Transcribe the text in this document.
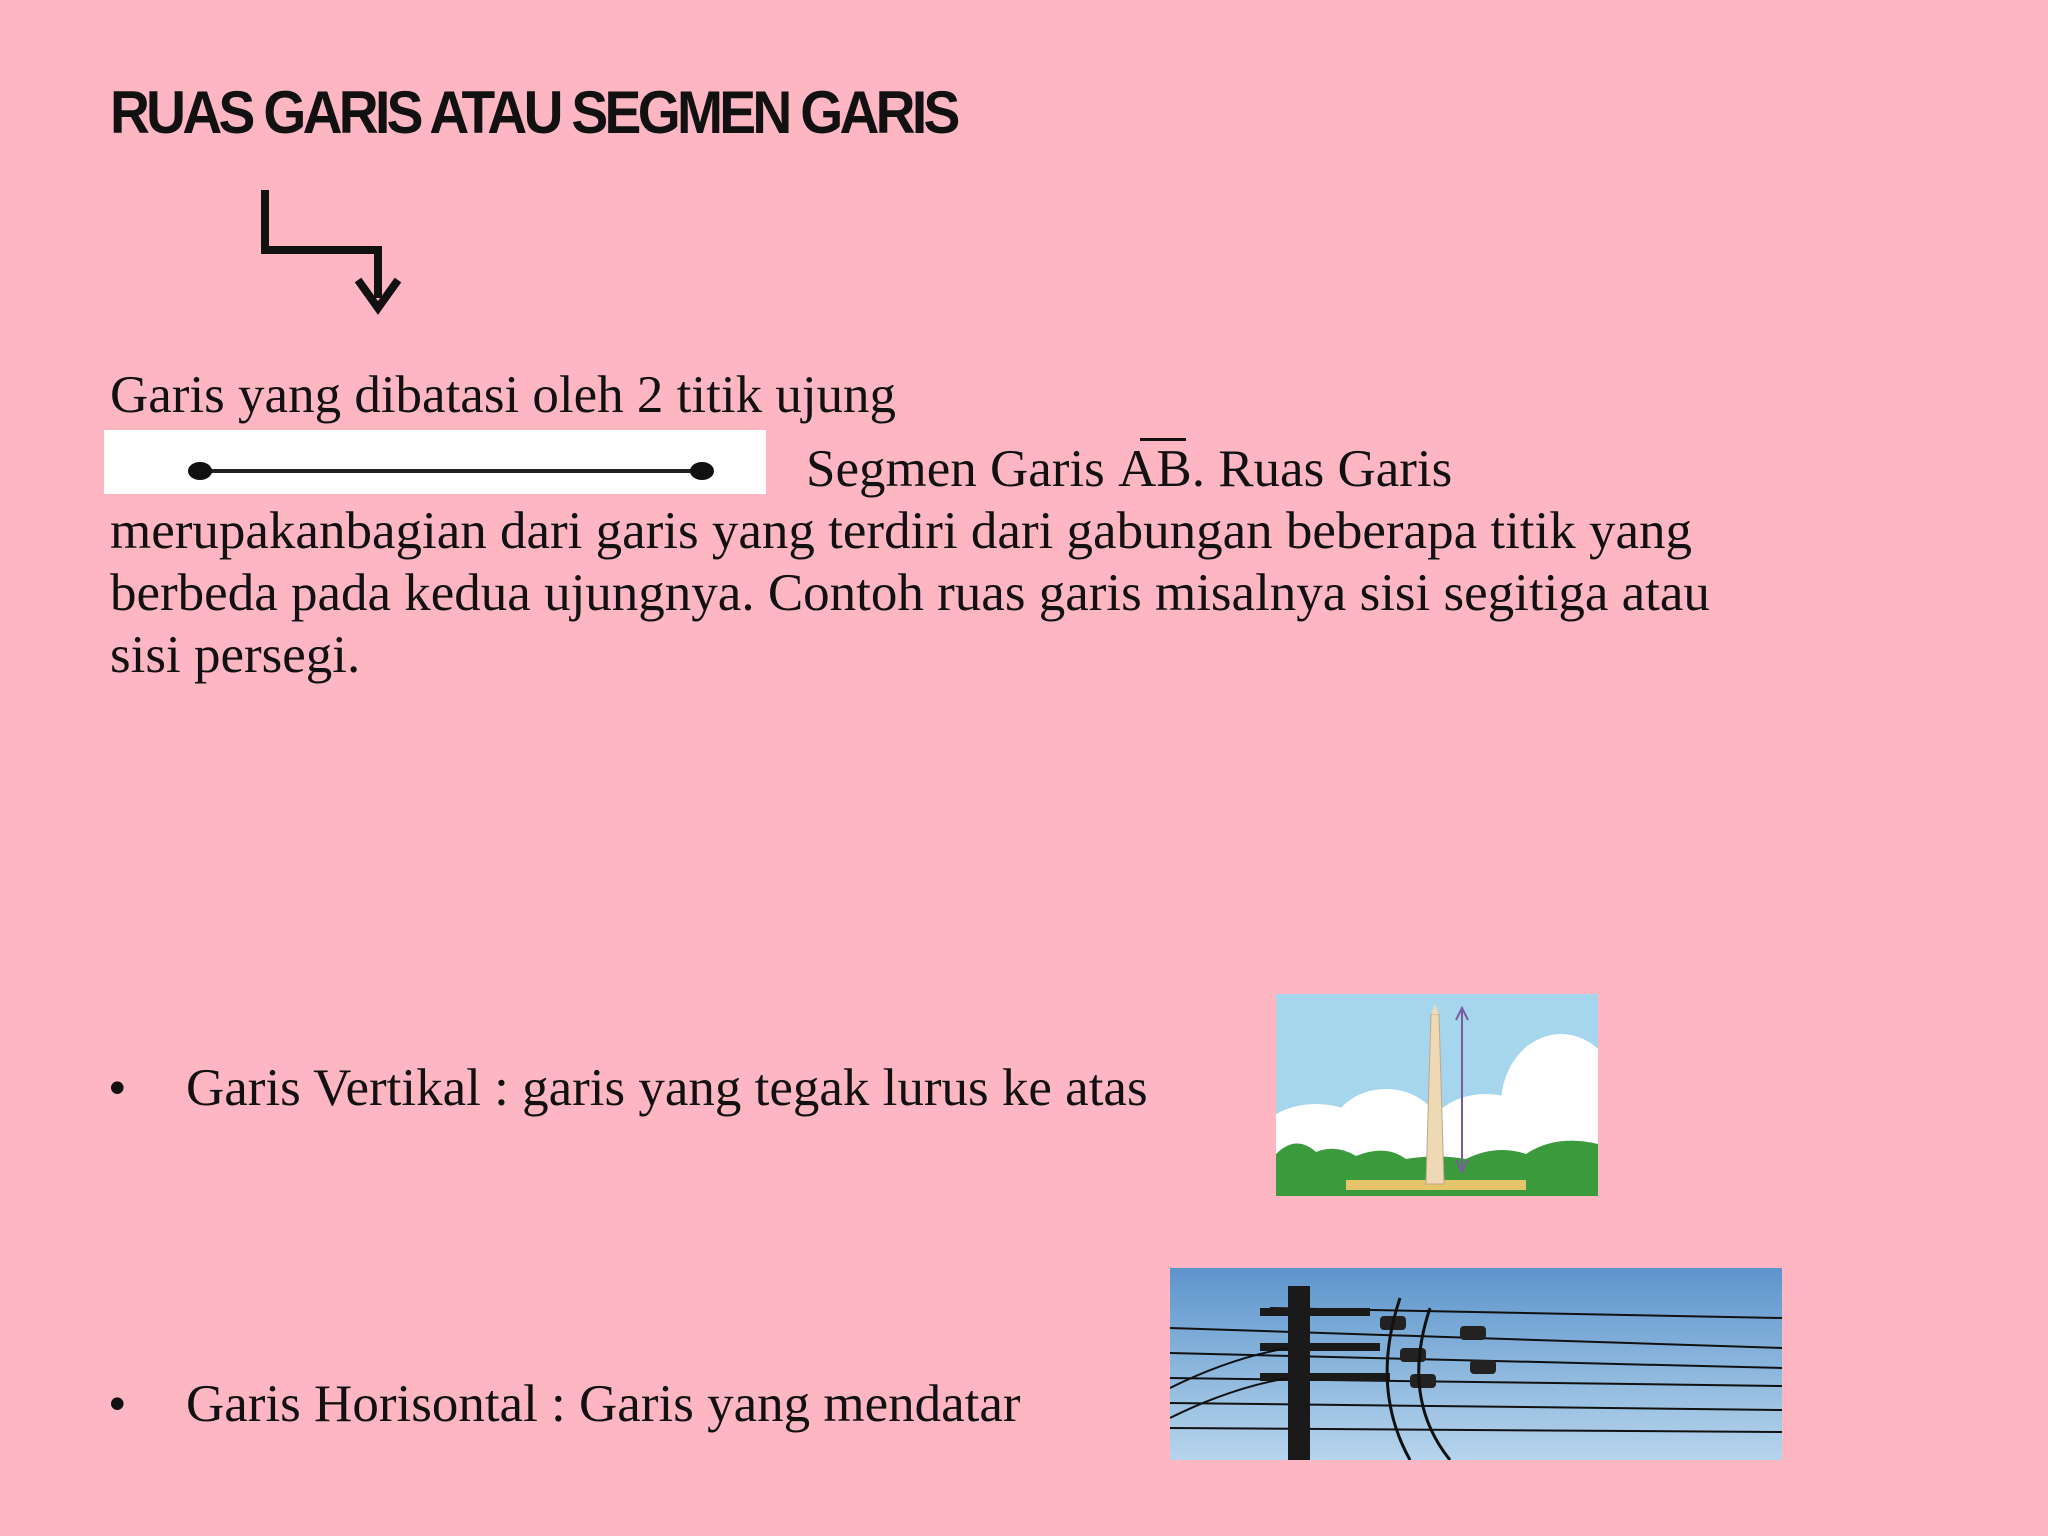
RUAS GARIS ATAU SEGMEN GARIS
Garis yang dibatasi oleh 2 titik ujung
Segmen Garis AB. Ruas Garis
merupakanbagian dari garis yang terdiri dari gabungan beberapa titik yang
berbeda pada kedua ujungnya. Contoh ruas garis misalnya sisi segitiga atau
sisi persegi.
• Garis Vertikal : garis yang tegak lurus ke atas
• Garis Horisontal : Garis yang mendatar
